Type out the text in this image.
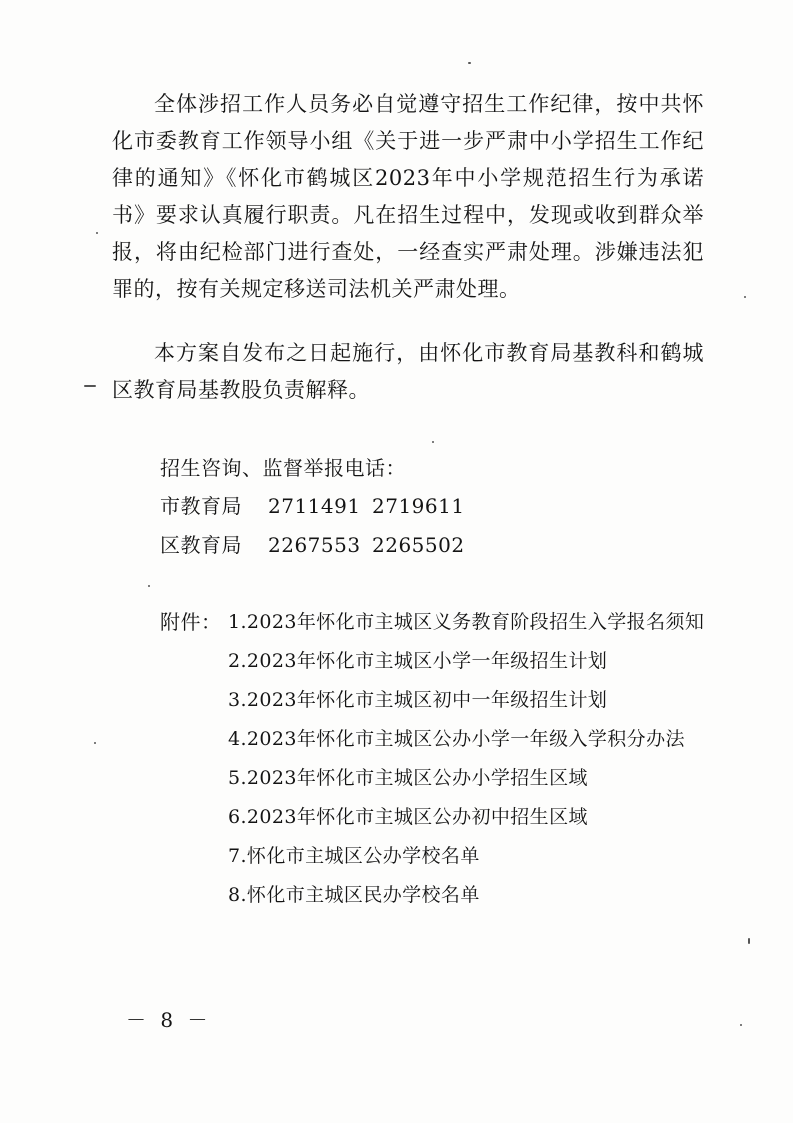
全体涉招工作人员务必自觉遵守招生工作纪律，按中共怀化市委教育工作领导小组《关于进一步严肃中小学招生工作纪律的通知》《怀化市鹤城区2023年中小学规范招生行为承诺书》要求认真履行职责。凡在招生过程中，发现或收到群众举报，将由纪检部门进行查处，一经查实严肃处理。涉嫌违法犯罪的，按有关规定移送司法机关严肃处理。

本方案自发布之日起施行，由怀化市教育局基教科和鹤城区教育局基教股负责解释。

招生咨询、监督举报电话：
市教育局 2711491 2719611
区教育局 2267553 2265502
附件： 1.2023年怀化市主城区义务教育阶段招生入学报名须知
2.2023年怀化市主城区小学一年级招生计划
3.2023年怀化市主城区初中一年级招生计划
4.2023年怀化市主城区公办小学一年级入学积分办法
5.2023年怀化市主城区公办小学招生区域
6.2023年怀化市主城区公办初中招生区域
7.怀化市主城区公办学校名单
8.怀化市主城区民办学校名单
－ 8 －
